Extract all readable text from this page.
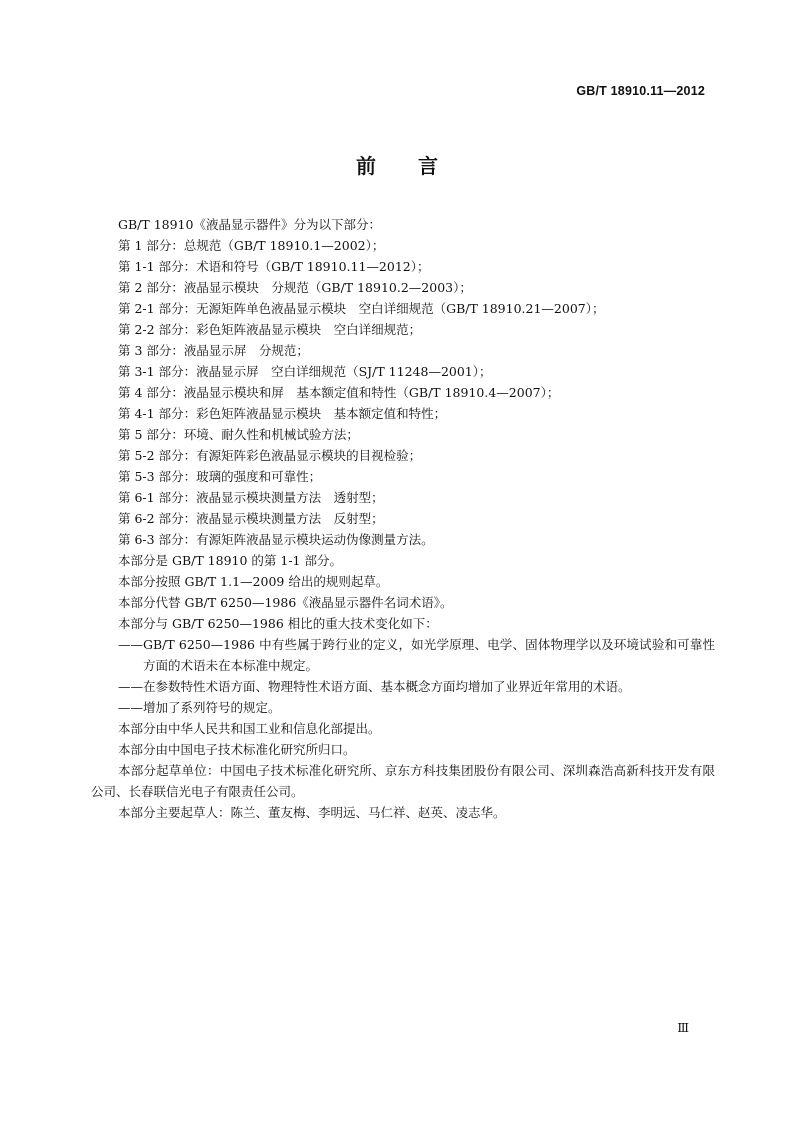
GB/T 18910.11—2012
前言

GB/T 18910《液晶显示器件》分为以下部分：

第 1 部分：总规范（GB/T 18910.1—2002）；

第 1-1 部分：术语和符号（GB/T 18910.11—2012）；

第 2 部分：液晶显示模块　分规范（GB/T 18910.2—2003）；

第 2-1 部分：无源矩阵单色液晶显示模块　空白详细规范（GB/T 18910.21—2007）；

第 2-2 部分：彩色矩阵液晶显示模块　空白详细规范；

第 3 部分：液晶显示屏　分规范；

第 3-1 部分：液晶显示屏　空白详细规范（SJ/T 11248—2001）；

第 4 部分：液晶显示模块和屏　基本额定值和特性（GB/T 18910.4—2007）；

第 4-1 部分：彩色矩阵液晶显示模块　基本额定值和特性；

第 5 部分：环境、耐久性和机械试验方法；

第 5-2 部分：有源矩阵彩色液晶显示模块的目视检验；

第 5-3 部分：玻璃的强度和可靠性；

第 6-1 部分：液晶显示模块测量方法　透射型；

第 6-2 部分：液晶显示模块测量方法　反射型；

第 6-3 部分：有源矩阵液晶显示模块运动伪像测量方法。

本部分是 GB/T 18910 的第 1-1 部分。

本部分按照 GB/T 1.1—2009 给出的规则起草。

本部分代替 GB/T 6250—1986《液晶显示器件名词术语》。

本部分与 GB/T 6250—1986 相比的重大技术变化如下：

—— GB/T 6250—1986 中有些属于跨行业的定义，如光学原理、电学、固体物理学以及环境试验和可靠性方面的术语未在本标准中规定。
—— 在参数特性术语方面、物理特性术语方面、基本概念方面均增加了业界近年常用的术语。
—— 增加了系列符号的规定。

本部分由中华人民共和国工业和信息化部提出。

本部分由中国电子技术标准化研究所归口。

本部分起草单位：中国电子技术标准化研究所、京东方科技集团股份有限公司、深圳森浩高新科技开发有限公司、长春联信光电子有限责任公司。

本部分主要起草人：陈兰、董友梅、李明远、马仁祥、赵英、凌志华。

Ⅲ
